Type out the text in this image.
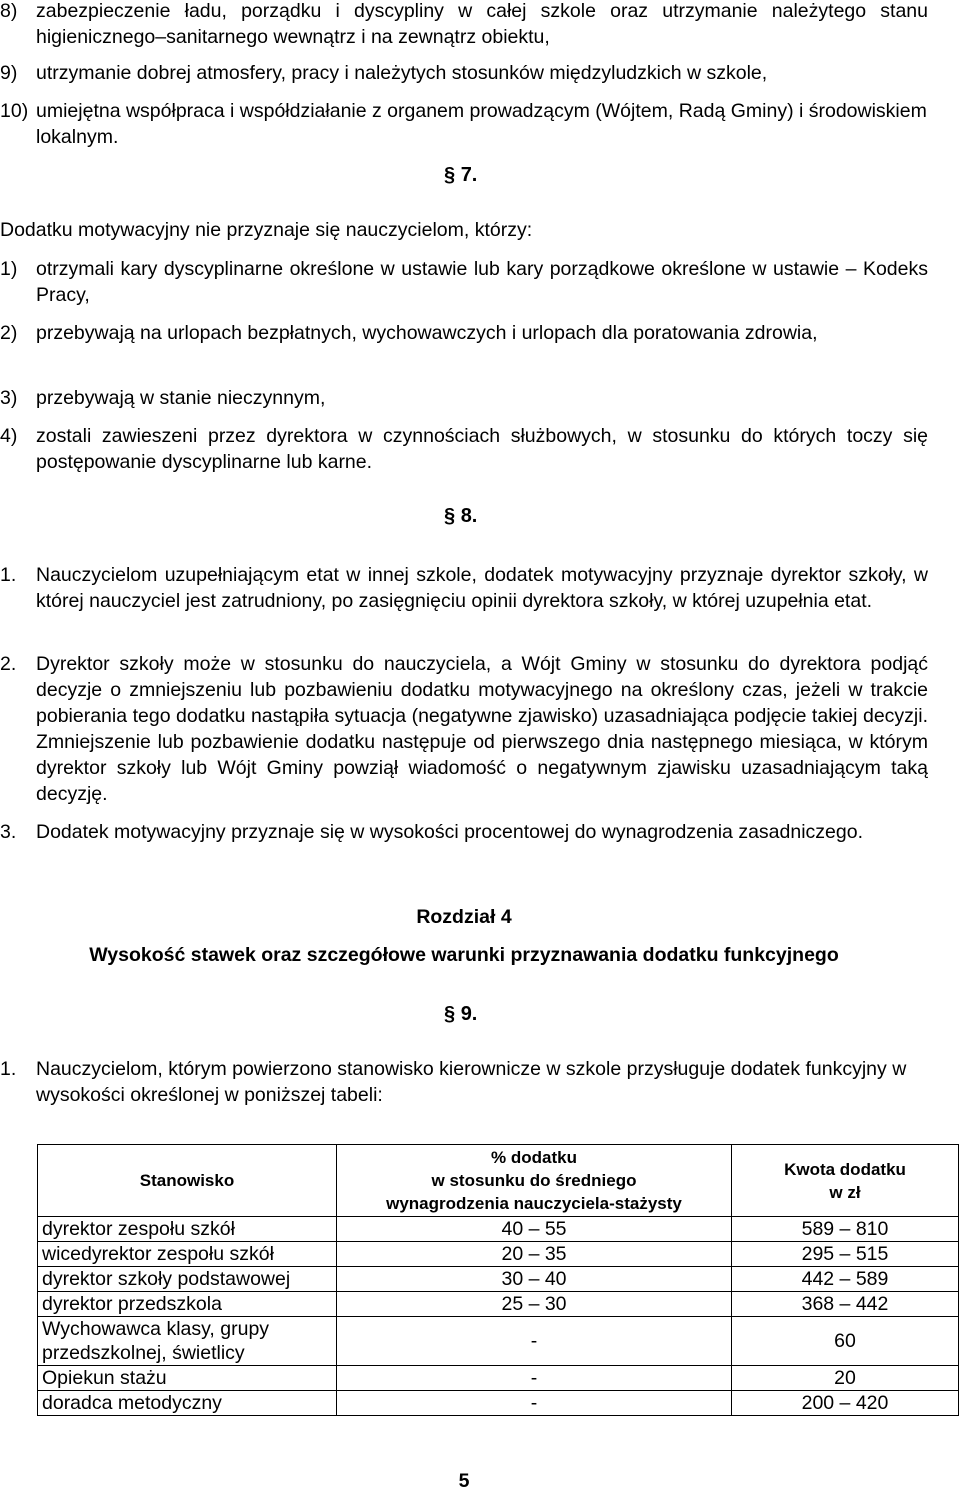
8) zabezpieczenie ładu, porządku i dyscypliny w całej szkole oraz utrzymanie należytego stanu higienicznego–sanitarnego wewnątrz i na zewnątrz obiektu,
9) utrzymanie dobrej atmosfery, pracy i należytych stosunków międzyludzkich w szkole,
10) umiejętna współpraca i współdziałanie z organem prowadzącym (Wójtem, Radą Gminy) i środowiskiem lokalnym.
§ 7.

Dodatku motywacyjny nie przyznaje się nauczycielom, którzy:

1) otrzymali kary dyscyplinarne określone w ustawie lub kary porządkowe określone w ustawie – Kodeks Pracy,
2) przebywają na urlopach bezpłatnych, wychowawczych i urlopach dla poratowania zdrowia,
3) przebywają w stanie nieczynnym,
4) zostali zawieszeni przez dyrektora w czynnościach służbowych, w stosunku do których toczy się postępowanie dyscyplinarne lub karne.
§ 8.
1. Nauczycielom uzupełniającym etat w innej szkole, dodatek motywacyjny przyznaje dyrektor szkoły, w której nauczyciel jest zatrudniony, po zasięgnięciu opinii dyrektora szkoły, w której uzupełnia etat.
2. Dyrektor szkoły może w stosunku do nauczyciela, a Wójt Gminy w stosunku do dyrektora podjąć decyzje o zmniejszeniu lub pozbawieniu dodatku motywacyjnego na określony czas, jeżeli w trakcie pobierania tego dodatku nastąpiła sytuacja (negatywne zjawisko) uzasadniająca podjęcie takiej decyzji. Zmniejszenie lub pozbawienie dodatku następuje od pierwszego dnia następnego miesiąca, w którym dyrektor szkoły lub Wójt Gminy powziął wiadomość o negatywnym zjawisku uzasadniającym taką decyzję.
3. Dodatek motywacyjny przyznaje się w wysokości procentowej do wynagrodzenia zasadniczego.
Rozdział 4
Wysokość stawek oraz szczegółowe warunki przyznawania dodatku funkcyjnego
§ 9.
1. Nauczycielom, którym powierzono stanowisko kierownicze w szkole przysługuje dodatek funkcyjny w wysokości określonej w poniższej tabeli:
Stanowisko	% dodatku
w stosunku do średniego
wynagrodzenia nauczyciela-stażysty	Kwota dodatku
w zł
dyrektor zespołu szkół	40 – 55	589 – 810
wicedyrektor zespołu szkół	20 – 35	295 – 515
dyrektor szkoły podstawowej	30 – 40	442 – 589
dyrektor przedszkola	25 – 30	368 – 442
Wychowawca klasy, grupy przedszkolnej, świetlicy	-	60
Opiekun stażu	-	20
doradca metodyczny	-	200 – 420
5
